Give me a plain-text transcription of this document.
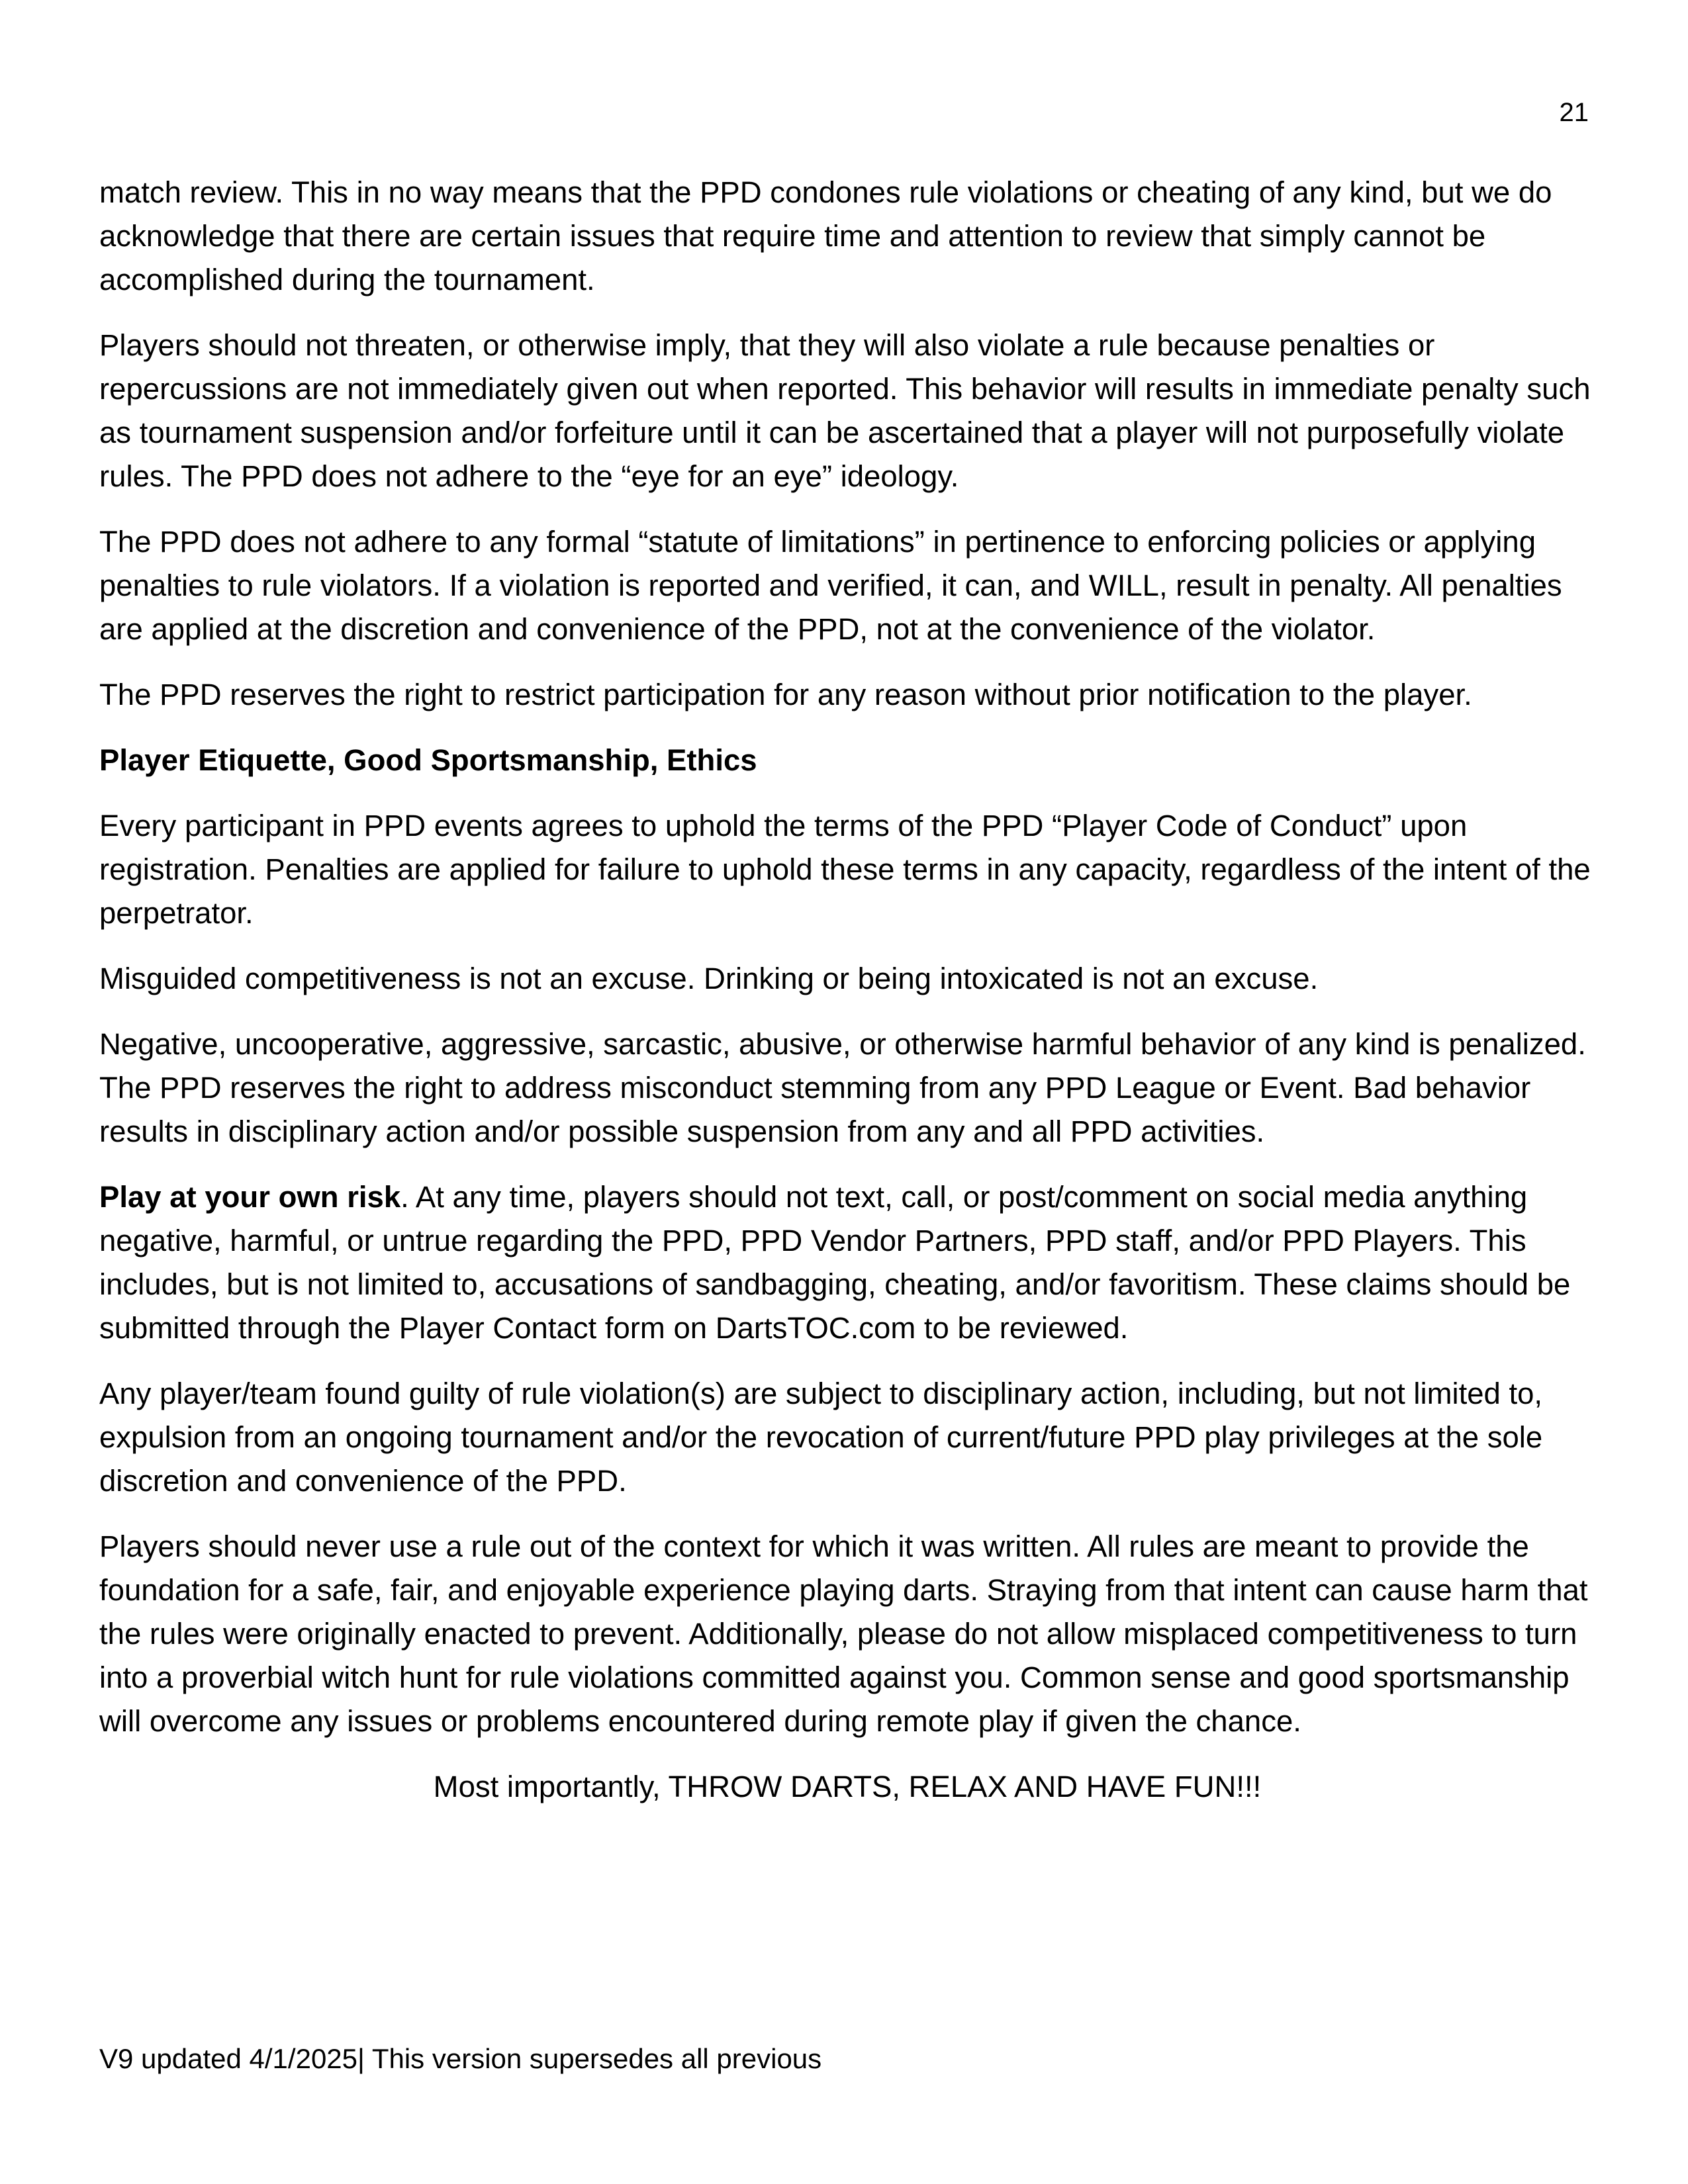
21

match review. This in no way means that the PPD condones rule violations or cheating of any kind, but we do acknowledge that there are certain issues that require time and attention to review that simply cannot be accomplished during the tournament.

Players should not threaten, or otherwise imply, that they will also violate a rule because penalties or repercussions are not immediately given out when reported. This behavior will results in immediate penalty such as tournament suspension and/or forfeiture until it can be ascertained that a player will not purposefully violate rules. The PPD does not adhere to the “eye for an eye” ideology.

The PPD does not adhere to any formal “statute of limitations” in pertinence to enforcing policies or applying penalties to rule violators. If a violation is reported and verified, it can, and WILL, result in penalty. All penalties are applied at the discretion and convenience of the PPD, not at the convenience of the violator.

The PPD reserves the right to restrict participation for any reason without prior notification to the player.

Player Etiquette, Good Sportsmanship, Ethics

Every participant in PPD events agrees to uphold the terms of the PPD “Player Code of Conduct” upon registration. Penalties are applied for failure to uphold these terms in any capacity, regardless of the intent of the perpetrator.

Misguided competitiveness is not an excuse. Drinking or being intoxicated is not an excuse.

Negative, uncooperative, aggressive, sarcastic, abusive, or otherwise harmful behavior of any kind is penalized. The PPD reserves the right to address misconduct stemming from any PPD League or Event. Bad behavior results in disciplinary action and/or possible suspension from any and all PPD activities.

Play at your own risk. At any time, players should not text, call, or post/comment on social media anything negative, harmful, or untrue regarding the PPD, PPD Vendor Partners, PPD staff, and/or PPD Players. This includes, but is not limited to, accusations of sandbagging, cheating, and/or favoritism. These claims should be submitted through the Player Contact form on DartsTOC.com to be reviewed.

Any player/team found guilty of rule violation(s) are subject to disciplinary action, including, but not limited to, expulsion from an ongoing tournament and/or the revocation of current/future PPD play privileges at the sole discretion and convenience of the PPD.

Players should never use a rule out of the context for which it was written. All rules are meant to provide the foundation for a safe, fair, and enjoyable experience playing darts. Straying from that intent can cause harm that the rules were originally enacted to prevent. Additionally, please do not allow misplaced competitiveness to turn into a proverbial witch hunt for rule violations committed against you. Common sense and good sportsmanship will overcome any issues or problems encountered during remote play if given the chance.

Most importantly, THROW DARTS, RELAX AND HAVE FUN!!!

V9 updated 4/1/2025| This version supersedes all previous
